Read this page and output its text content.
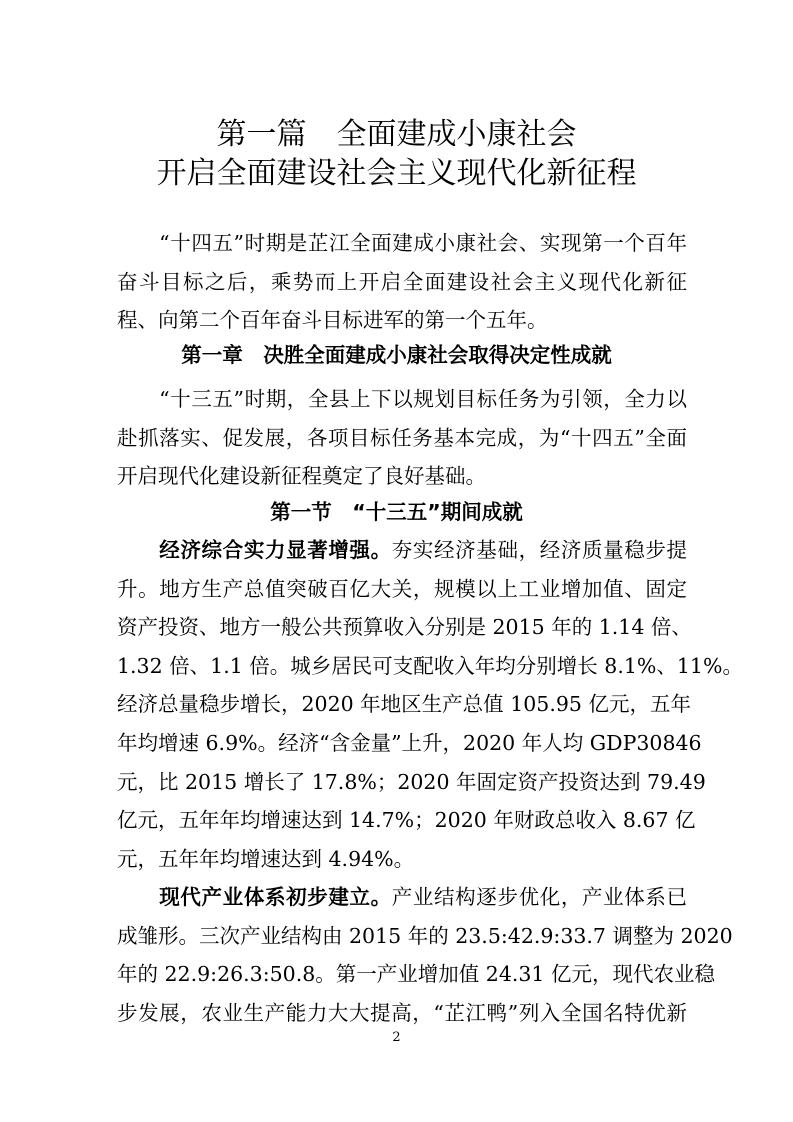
第一篇　全面建成小康社会
开启全面建设社会主义现代化新征程
　　“十四五”时期是芷江全面建成小康社会、实现第一个百年
奋斗目标之后，乘势而上开启全面建设社会主义现代化新征
程、向第二个百年奋斗目标进军的第一个五年。
第一章　决胜全面建成小康社会取得决定性成就
　　“十三五”时期，全县上下以规划目标任务为引领，全力以
赴抓落实、促发展，各项目标任务基本完成，为“十四五”全面
开启现代化建设新征程奠定了良好基础。
第一节　“十三五”期间成就
　　经济综合实力显著增强。夯实经济基础，经济质量稳步提
升。地方生产总值突破百亿大关，规模以上工业增加值、固定
资产投资、地方一般公共预算收入分别是 2015 年的 1.14 倍、
1.32 倍、1.1 倍。城乡居民可支配收入年均分别增长 8.1%、11%。
经济总量稳步增长，2020 年地区生产总值 105.95 亿元，五年
年均增速 6.9%。经济“含金量”上升，2020 年人均 GDP30846
元，比 2015 增长了 17.8%；2020 年固定资产投资达到 79.49
亿元，五年年均增速达到 14.7%；2020 年财政总收入 8.67 亿
元，五年年均增速达到 4.94%。
　　现代产业体系初步建立。产业结构逐步优化，产业体系已
成雏形。三次产业结构由 2015 年的 23.5:42.9:33.7 调整为 2020
年的 22.9:26.3:50.8。第一产业增加值 24.31 亿元，现代农业稳
步发展，农业生产能力大大提高，“芷江鸭”列入全国名特优新
2
